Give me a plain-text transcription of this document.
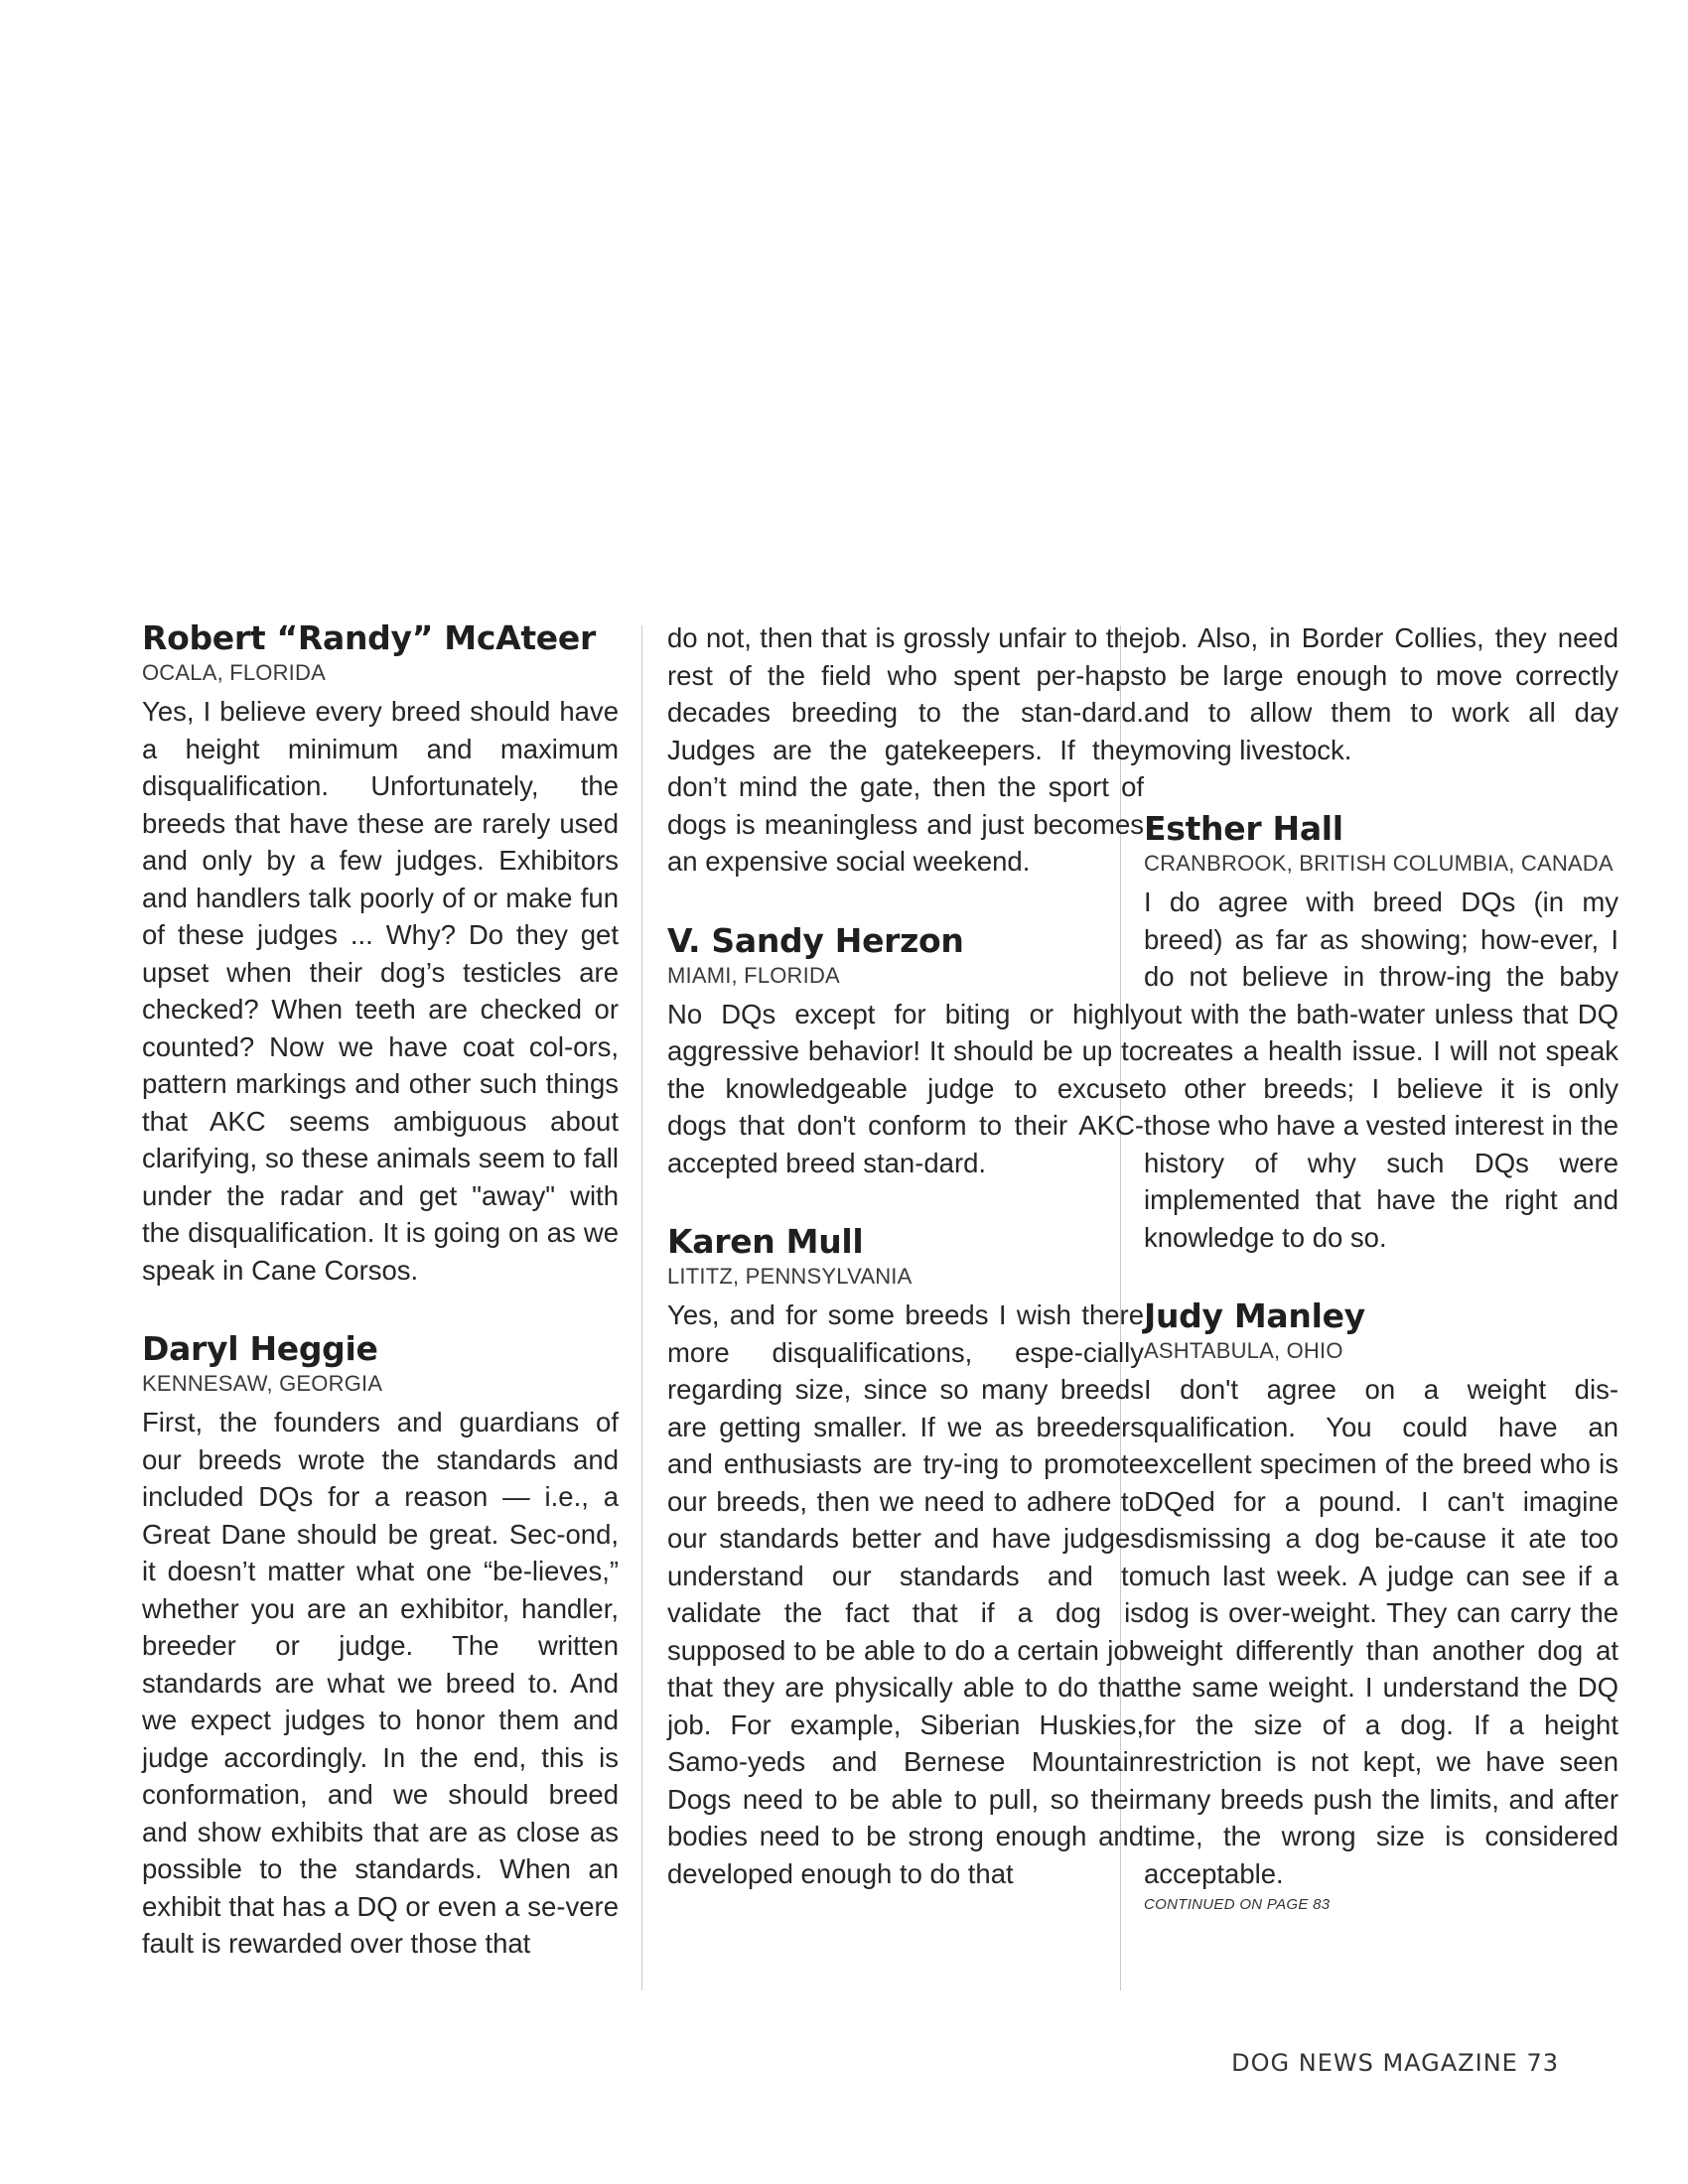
Robert “Randy” McAteer
OCALA, FLORIDA

Yes, I believe every breed should have a height minimum and maximum disqualification. Unfortunately, the breeds that have these are rarely used and only by a few judges. Exhibitors and handlers talk poorly of or make fun of these judges ... Why? Do they get upset when their dog’s testicles are checked? When teeth are checked or counted? Now we have coat col-ors, pattern markings and other such things that AKC seems ambiguous about clarifying, so these animals seem to fall under the radar and get "away" with the disqualification. It is going on as we speak in Cane Corsos.

Daryl Heggie
KENNESAW, GEORGIA

First, the founders and guardians of our breeds wrote the standards and included DQs for a reason — i.e., a Great Dane should be great. Sec-ond, it doesn’t matter what one “be-lieves,” whether you are an exhibitor, handler, breeder or judge. The written standards are what we breed to. And we expect judges to honor them and judge accordingly. In the end, this is conformation, and we should breed and show exhibits that are as close as possible to the standards. When an exhibit that has a DQ or even a se-vere fault is rewarded over those that

do not, then that is grossly unfair to the rest of the field who spent per-haps decades breeding to the stan-dard. Judges are the gatekeepers. If they don’t mind the gate, then the sport of dogs is meaningless and just becomes an expensive social weekend.

V. Sandy Herzon
MIAMI, FLORIDA

No DQs except for biting or highly aggressive behavior! It should be up to the knowledgeable judge to excuse dogs that don't conform to their AKC-accepted breed stan-dard.

Karen Mull
LITITZ, PENNSYLVANIA

Yes, and for some breeds I wish there more disqualifications, espe-cially regarding size, since so many breeds are getting smaller. If we as breeders and enthusiasts are try-ing to promote our breeds, then we need to adhere to our standards better and have judges understand our standards and to validate the fact that if a dog is supposed to be able to do a certain job that they are physically able to do that job. For example, Siberian Huskies, Samo-yeds and Bernese Mountain Dogs need to be able to pull, so their bodies need to be strong enough and developed enough to do that

job. Also, in Border Collies, they need to be large enough to move correctly and to allow them to work all day moving livestock.

Esther Hall
CRANBROOK, BRITISH COLUMBIA, CANADA

I do agree with breed DQs (in my breed) as far as showing; how-ever, I do not believe in throw-ing the baby out with the bath-water unless that DQ creates a health issue. I will not speak to other breeds; I believe it is only those who have a vested interest in the history of why such DQs were implemented that have the right and knowledge to do so.

Judy Manley
ASHTABULA, OHIO

I don't agree on a weight dis-qualification. You could have an excellent specimen of the breed who is DQed for a pound. I can't imagine dismissing a dog be-cause it ate too much last week. A judge can see if a dog is over-weight. They can carry the weight differently than another dog at the same weight. I understand the DQ for the size of a dog. If a height restriction is not kept, we have seen many breeds push the limits, and after time, the wrong size is considered acceptable.

CONTINUED ON PAGE 83
DOG NEWS MAGAZINE 73
